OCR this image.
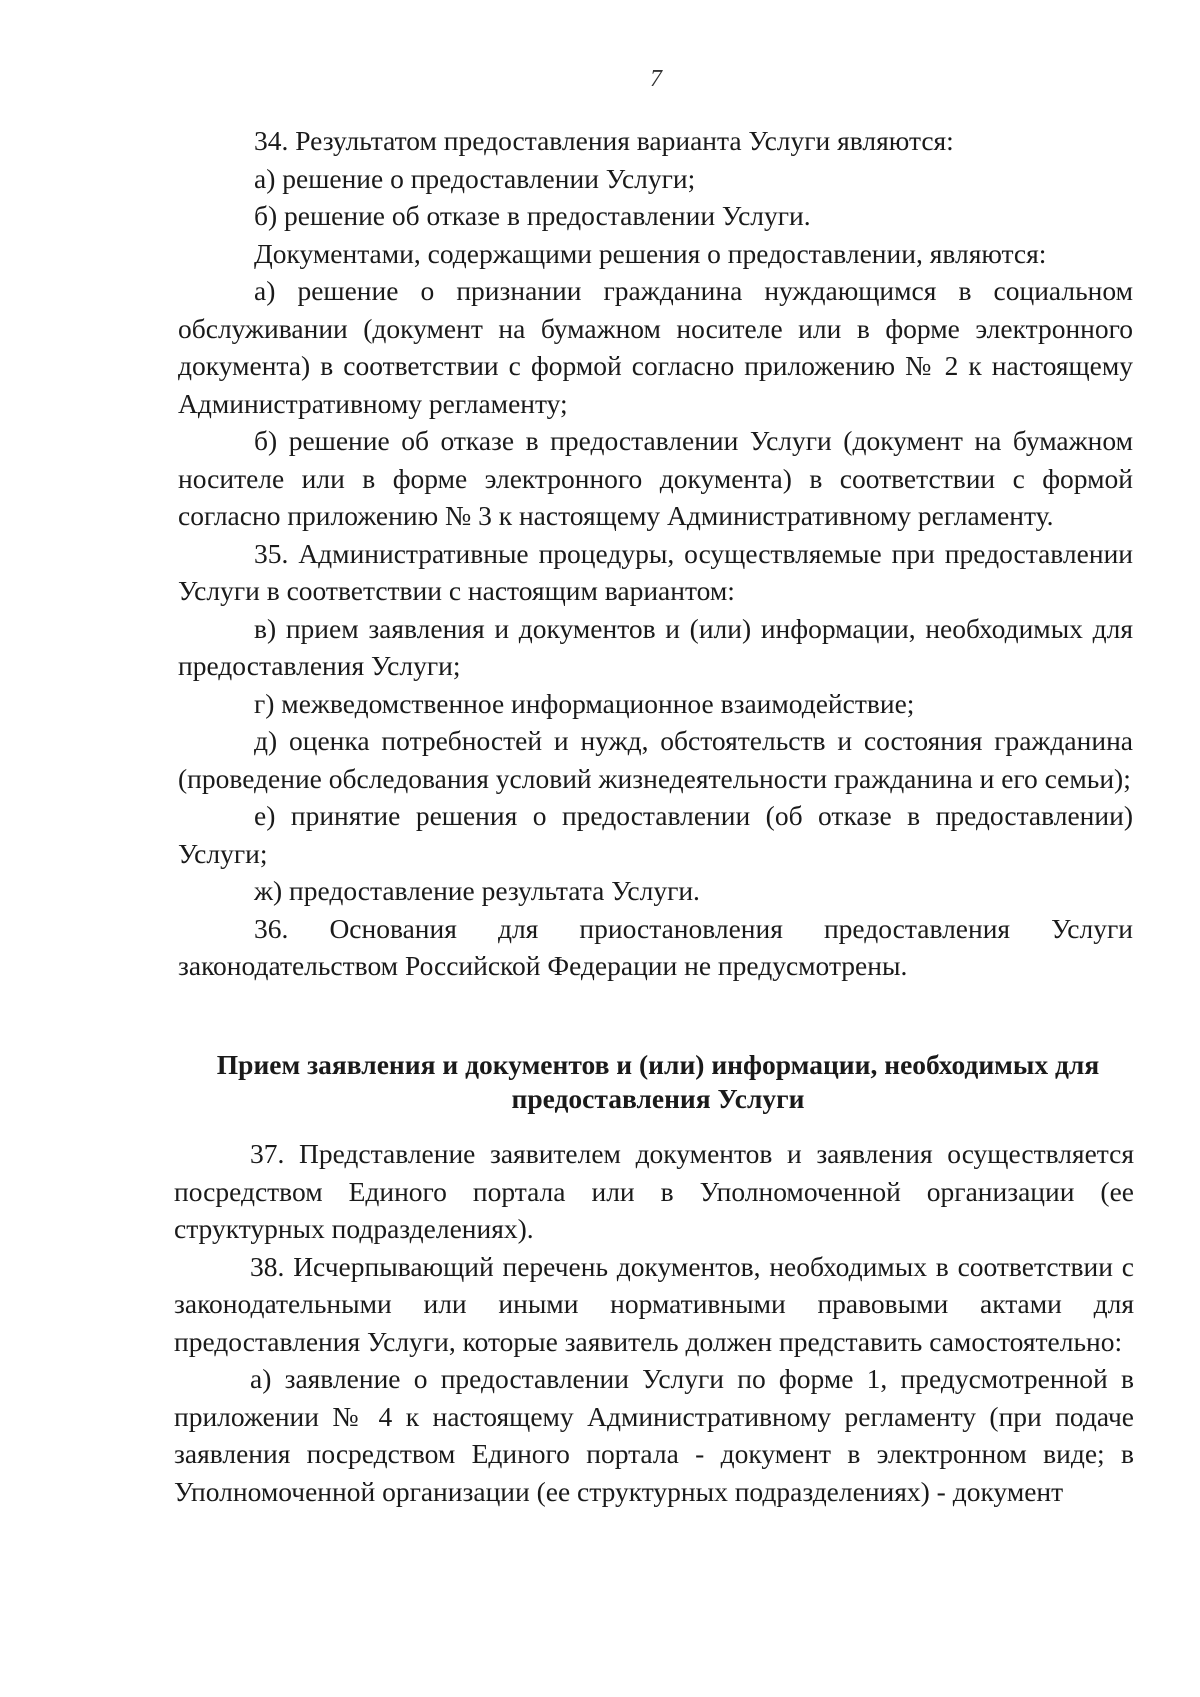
7

34. Результатом предоставления варианта Услуги являются:

а) решение о предоставлении Услуги;

б) решение об отказе в предоставлении Услуги.

Документами, содержащими решения о предоставлении, являются:

а) решение о признании гражданина нуждающимся в социальном обслуживании (документ на бумажном носителе или в форме электронного документа) в соответствии с формой согласно приложению № 2 к настоящему Административному регламенту;

б) решение об отказе в предоставлении Услуги (документ на бумажном носителе или в форме электронного документа) в соответствии с формой согласно приложению № 3 к настоящему Административному регламенту.

35. Административные процедуры, осуществляемые при предоставлении Услуги в соответствии с настоящим вариантом:

в) прием заявления и документов и (или) информации, необходимых для предоставления Услуги;

г) межведомственное информационное взаимодействие;

д) оценка потребностей и нужд, обстоятельств и состояния гражданина (проведение обследования условий жизнедеятельности гражданина и его семьи);

е) принятие решения о предоставлении (об отказе в предоставлении) Услуги;

ж) предоставление результата Услуги.

36. Основания для приостановления предоставления Услуги законодательством Российской Федерации не предусмотрены.

Прием заявления и документов и (или) информации, необходимых для
предоставления Услуги

37. Представление заявителем документов и заявления осуществляется посредством Единого портала или в Уполномоченной организации (ее структурных подразделениях).

38. Исчерпывающий перечень документов, необходимых в соответствии с законодательными или иными нормативными правовыми актами для предоставления Услуги, которые заявитель должен представить самостоятельно:

а) заявление о предоставлении Услуги по форме 1, предусмотренной в приложении № 4 к настоящему Административному регламенту (при подаче заявления посредством Единого портала - документ в электронном виде; в Уполномоченной организации (ее структурных подразделениях) - документ
